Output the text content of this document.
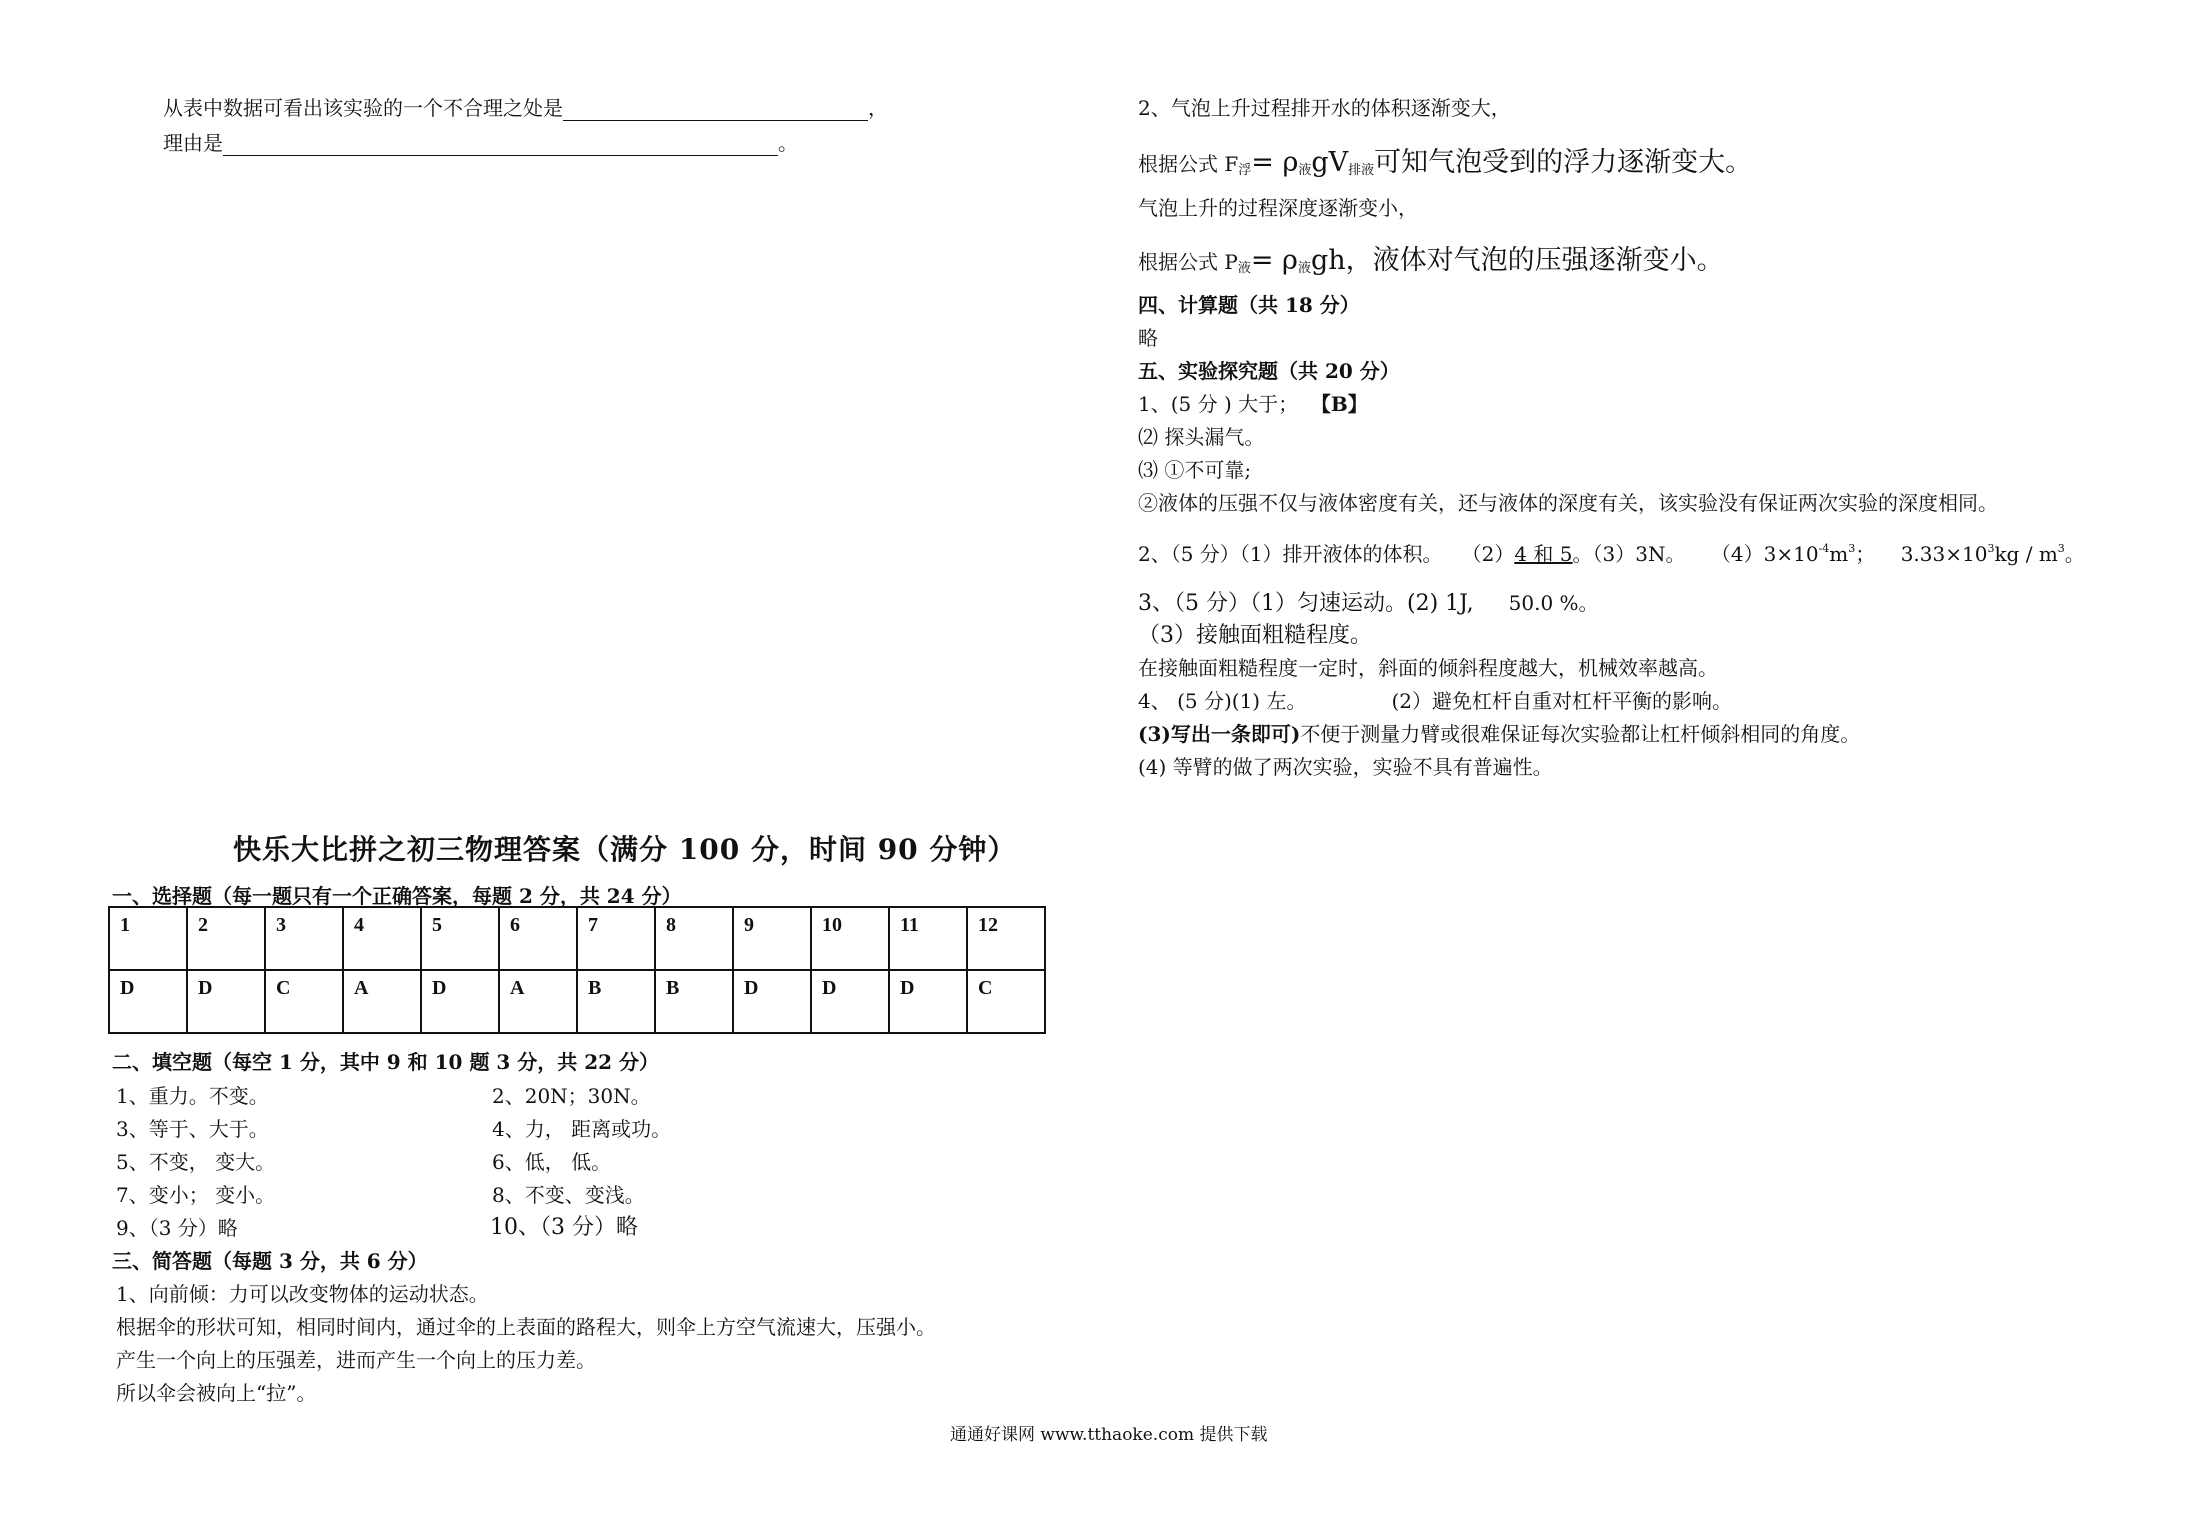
从表中数据可看出该实验的一个不合理之处是	，
理由是	。
2、气泡上升过程排开水的体积逐渐变大，
根据公式 $F_浮= \rho_液gV_{排液}$可知气泡受到的浮力逐渐变大。
气泡上升的过程深度逐渐变小，
根据公式 $P_液= \rho_液gh$，液体对气泡的压强逐渐变小。
四、计算题（共 18 分）
略
五、实验探究题（共 20 分）
1、(5 分 ) 大于； 【B】
⑵ 探头漏气。
⑶ ①不可靠;
②液体的压强不仅与液体密度有关，还与液体的深度有关，该实验没有保证两次实验的深度相同。
2、（5 分）（1）排开液体的体积。 （2）4 和 5。（3）3N。 $(4)3\times 10^{-4}m^3$； $3.33\times 10^3kg / m^3$。
3、（5 分）（1）匀速运动。(2) 1J, 50.0 %。
（3）接触面粗糙程度。
在接触面粗糙程度一定时，斜面的倾斜程度越大，机械效率越高。
4、 (5 分)(1) 左。	(2）避免杠杆自重对杠杆平衡的影响。
(3)写出一条即可)不便于测量力臂或很难保证每次实验都让杠杆倾斜相同的角度。
(4) 等臂的做了两次实验，实验不具有普遍性。
快乐大比拼之初三物理答案（满分 100 分，时间 90 分钟）
一、选择题（每一题只有一个正确答案，每题 2 分，共 24 分）
1	2	3	4	5	6	7	8	9	10	11	12
D	D	C	A	D	A	B	B	D	D	D	C
二、填空题（每空 1 分，其中 9 和 10 题 3 分，共 22 分）
1、重力。不变。	2、20N；30N。
3、等于、大于。	4、力， 距离或功。
5、不变， 变大。	6、低， 低。
7、变小； 变小。	8、不变、变浅。
9、（3 分）略	10、（3 分）略
三、简答题（每题 3 分，共 6 分）
1、向前倾：力可以改变物体的运动状态。
根据伞的形状可知，相同时间内，通过伞的上表面的路程大，则伞上方空气流速大，压强小。
产生一个向上的压强差，进而产生一个向上的压力差。
所以伞会被向上“拉”。
通通好课网 www.tthaoke.com 提供下载
